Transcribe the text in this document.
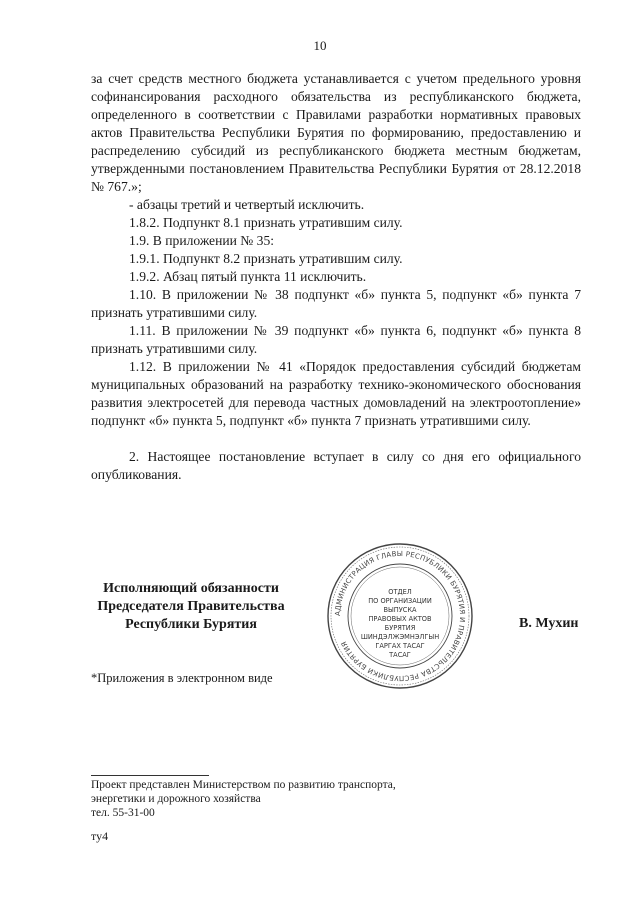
10

за счет средств местного бюджета устанавливается с учетом предельного уровня софинансирования расходного обязательства из республиканского бюджета, определенного в соответствии с Правилами разработки нормативных правовых актов Правительства Республики Бурятия по формированию, предоставлению и распределению субсидий из республиканского бюджета местным бюджетам, утвержденными постановлением Правительства Республики Бурятия от 28.12.2018 № 767.»;

- абзацы третий и четвертый исключить.

1.8.2. Подпункт 8.1 признать утратившим силу.

1.9. В приложении № 35:

1.9.1. Подпункт 8.2 признать утратившим силу.

1.9.2. Абзац пятый пункта 11 исключить.

1.10. В приложении № 38 подпункт «б» пункта 5, подпункт «б» пункта 7 признать утратившими силу.

1.11. В приложении № 39 подпункт «б» пункта 6, подпункт «б» пункта 8 признать утратившими силу.

1.12. В приложении № 41 «Порядок предоставления субсидий бюджетам муниципальных образований на разработку технико-экономического обоснования развития электросетей для перевода частных домовладений на электроотопление» подпункт «б» пункта 5, подпункт «б» пункта 7 признать утратившими силу.

2. Настоящее постановление вступает в силу со дня его официального опубликования.

Исполняющий обязанности
Председателя Правительства
Республики Бурятия
АДМИНИСТРАЦИЯ ГЛАВЫ РЕСПУБЛИКИ БУРЯТИЯ И ПРАВИТЕЛЬСТВА РЕСПУБЛИКИ БУРЯТИЯ
ОТДЕЛ
ПО ОРГАНИЗАЦИИ
ВЫПУСКА
ПРАВОВЫХ АКТОВ
БУРЯТИЯ
ШИНДЭЛЖЭМНЭЛГЫН
ГАРГАХ ТАСАГ
ТАСАГ
В. Мухин
*Приложения в электронном виде

Проект представлен Министерством по развитию транспорта,

энергетики и дорожного хозяйства

тел. 55-31-00

ту4
